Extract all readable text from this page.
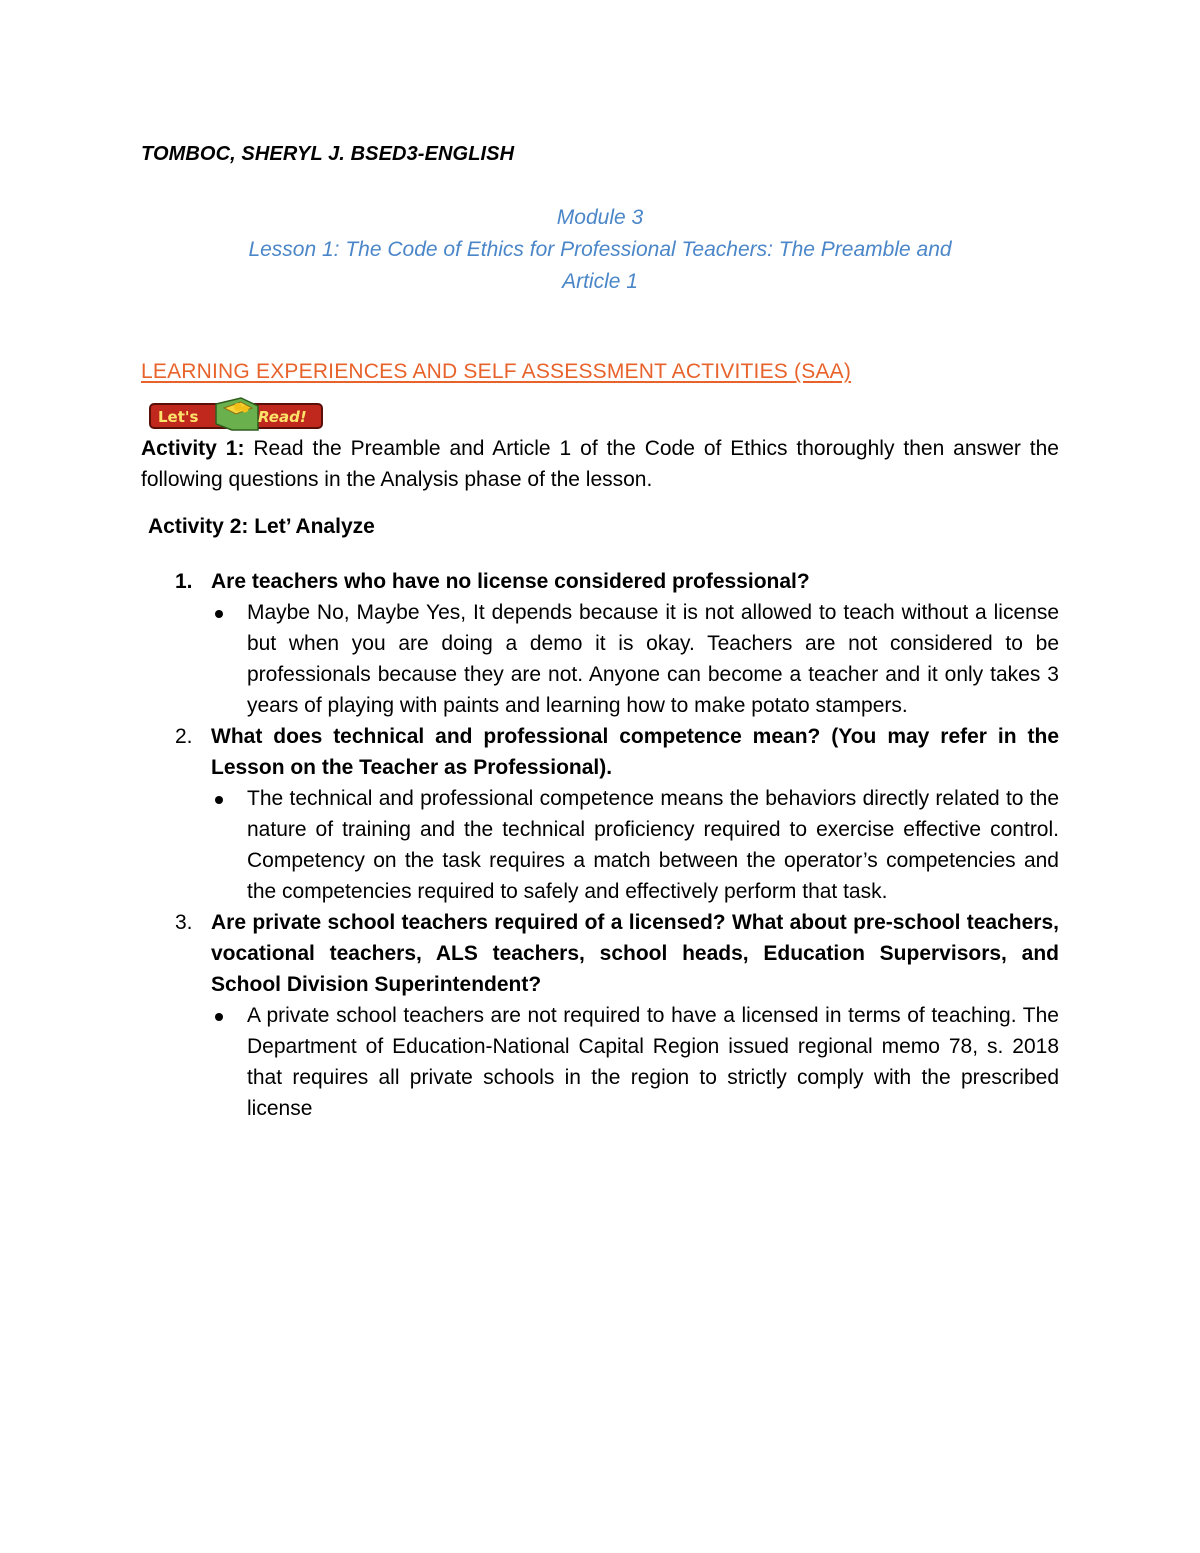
TOMBOC, SHERYL J. BSED3-ENGLISH
Module 3
Lesson 1: The Code of Ethics for Professional Teachers: The Preamble and
Article 1
LEARNING EXPERIENCES AND SELF ASSESSMENT ACTIVITIES (SAA)
Let's	Read!
Activity 1: Read the Preamble and Article 1 of the Code of Ethics thoroughly then answer the following questions in the Analysis phase of the lesson.
Activity 2: Let’ Analyze
1. Are teachers who have no license considered professional?
Maybe No, Maybe Yes, It depends because it is not allowed to teach without a license but when you are doing a demo it is okay. Teachers are not considered to be professionals because they are not. Anyone can become a teacher and it only takes 3 years of playing with paints and learning how to make potato stampers.
2. What does technical and professional competence mean? (You may refer in the Lesson on the Teacher as Professional).
The technical and professional competence means the behaviors directly related to the nature of training and the technical proficiency required to exercise effective control. Competency on the task requires a match between the operator’s competencies and the competencies required to safely and effectively perform that task.
3. Are private school teachers required of a licensed? What about pre-school teachers, vocational teachers, ALS teachers, school heads, Education Supervisors, and School Division Superintendent?
A private school teachers are not required to have a licensed in terms of teaching. The Department of Education-National Capital Region issued regional memo 78, s. 2018 that requires all private schools in the region to strictly comply with the prescribed license
